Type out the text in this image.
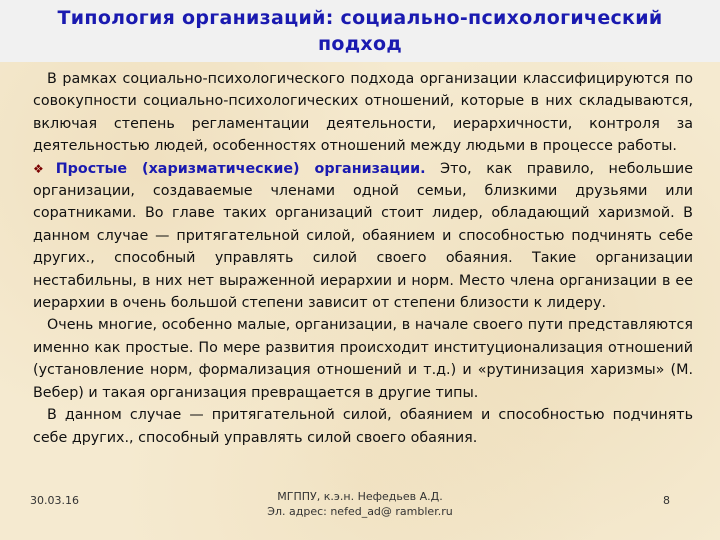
Типология организаций: социально-психологический подход

В рамках социально-психологического подхода организации классифицируются по совокупности социально-психологических отношений, которые в них складываются, включая степень регламентации деятельности, иерархичности, контроля за деятельностью людей, особенностях отношений между людьми в процессе работы.

❖ Простые (харизматические) организации. Это, как правило, небольшие организации, создаваемые членами одной семьи, близкими друзьями или соратниками. Во главе таких организаций стоит лидер, обладающий харизмой. В данном случае — притягательной силой, обаянием и способностью подчинять себе других., способный управлять силой своего обаяния. Такие организации нестабильны, в них нет выраженной иерархии и норм. Место члена организации в ее иерархии в очень большой степени зависит от степени близости к лидеру.

Очень многие, особенно малые, организации, в начале своего пути представляются именно как простые. По мере развития происходит институционализация отношений (установление норм, формализация отношений и т.д.) и «рутинизация харизмы» (М. Вебер) и такая организация превращается в другие типы.

В данном случае — притягательной силой, обаянием и способностью подчинять себе других., способный управлять силой своего обаяния.

30.03.16	МГППУ, к.э.н. Нефедьев А.Д.
Эл. адрес: nefed_ad@ rambler.ru
8
